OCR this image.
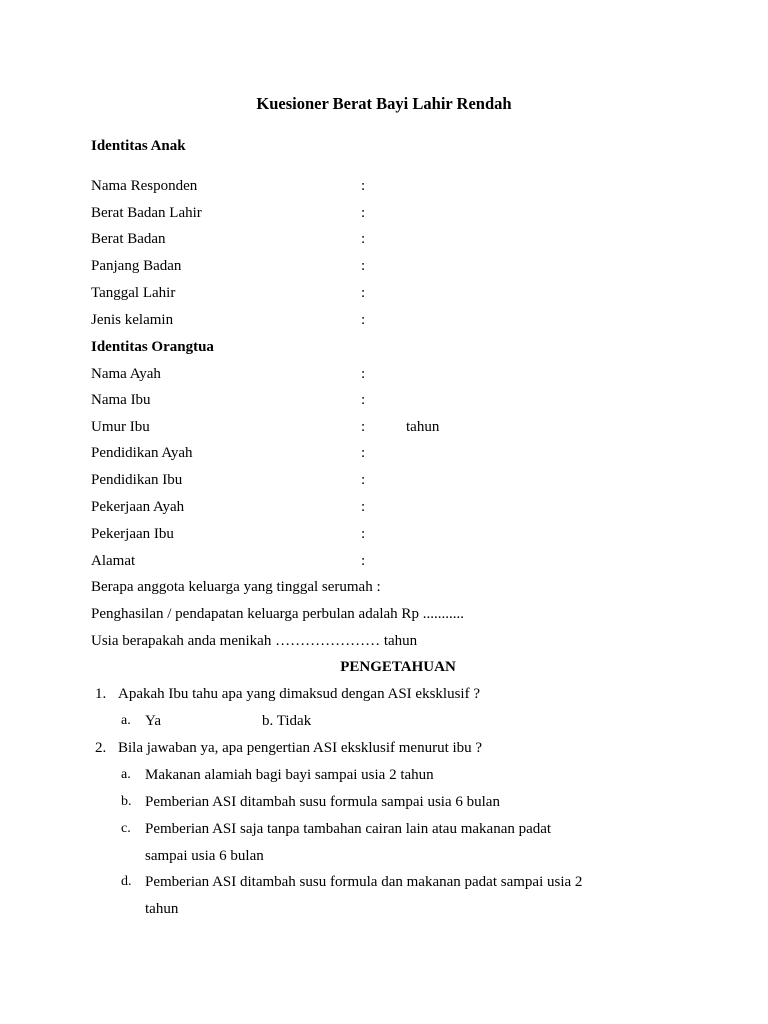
Kuesioner Berat Bayi Lahir Rendah
Identitas Anak
Nama Responden	:
Berat Badan Lahir	:
Berat Badan	:
Panjang Badan	:
Tanggal Lahir	:
Jenis kelamin	:
Identitas Orangtua
Nama Ayah	:
Nama Ibu	:
Umur Ibu	:	tahun
Pendidikan Ayah	:
Pendidikan Ibu	:
Pekerjaan Ayah	:
Pekerjaan Ibu	:
Alamat	:
Berapa anggota keluarga yang tinggal serumah :
Penghasilan / pendapatan keluarga perbulan adalah Rp ...........
Usia berapakah anda menikah ………………… tahun
PENGETAHUAN
1. Apakah Ibu tahu apa yang dimaksud dengan ASI eksklusif ?
a. Ya	b. Tidak
2. Bila jawaban ya, apa pengertian ASI eksklusif menurut ibu ?
a. Makanan alamiah bagi bayi sampai usia 2 tahun
b. Pemberian ASI ditambah susu formula sampai usia 6 bulan
c. Pemberian ASI saja tanpa tambahan cairan lain atau makanan padat
sampai usia 6 bulan
d. Pemberian ASI ditambah susu formula dan makanan padat sampai usia 2
tahun
